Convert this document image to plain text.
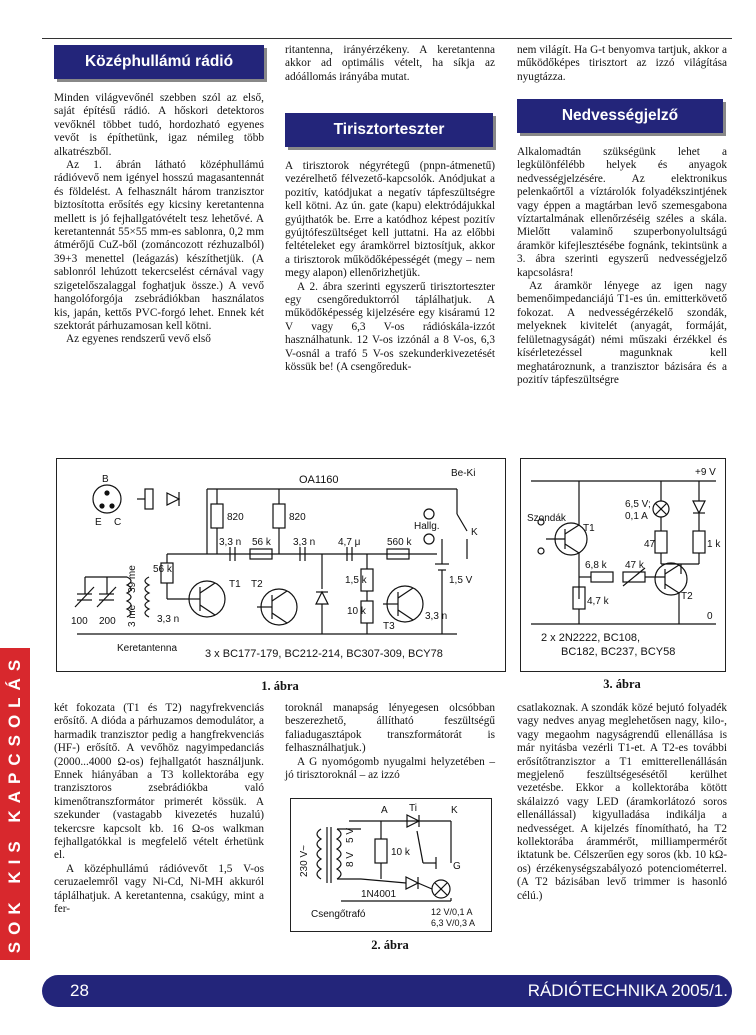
Középhullámú rádió

Minden világvevőnél szebben szól az első, saját építésű rádió. A hőskori detektoros vevőknél többet tudó, hordozható egyenes vevőt is építhetünk, igaz némileg több alkatrészből.

Az 1. ábrán látható középhullámú rádióvevő nem igényel hosszú magasantennát és földelést. A felhasznált három tranzisztor biztosította erősítés egy kicsiny keretantenna mellett is jó fejhallgatóvételt tesz lehetővé. A keretantennát 55×55 mm-es sablonra, 0,2 mm átmérőjű CuZ-ből (zománcozott rézhuzalból) 39+3 menettel (leágazás) készíthetjük. (A sablonról lehúzott tekercselést cérnával vagy szigetelőszalaggal foghatjuk össze.) A vevő hangolóforgója zsebrádiókban használatos kis, japán, kettős PVC-forgó lehet. Ennek két szektorát párhuzamosan kell kötni.

Az egyenes rendszerű vevő első

ritantenna, irányérzékeny. A keretantenna akkor ad optimális vételt, ha síkja az adóállomás irányába mutat.

Tirisztorteszter

A tirisztorok négyrétegű (pnpn-átmenetű) vezérelhető félvezető-kapcsolók. Anódjukat a pozitív, katódjukat a negatív tápfeszültségre kell kötni. Az ún. gate (kapu) elektródájukkal gyújthatók be. Erre a katódhoz képest pozitív gyújtófeszültséget kell juttatni. Ha az előbbi feltételeket egy áramkörrel biztosítjuk, akkor a tirisztorok működőképességét (megy – nem megy alapon) ellenőrizhetjük.

A 2. ábra szerinti egyszerű tirisztorteszter egy csengőreduktorról táplálhatjuk. A működőképesség kijelzésére egy kisáramú 12 V vagy 6,3 V-os rádióskála-izzót használhatunk. 12 V-os izzónál a 8 V-os, 6,3 V-osnál a trafó 5 V-os szekunderkivezetését kössük be! (A csengőreduk-

nem világít. Ha G-t benyomva tartjuk, akkor a működőképes tirisztort az izzó világítása nyugtázza.

Nedvességjelző

Alkalomadtán szükségünk lehet a legkülönfélébb helyek és anyagok nedvességjelzésére. Az elektronikus pelenkaőrtől a víztárolók folyadékszintjének vagy éppen a magtárban levő szemesgabona víztartalmának ellenőrzéséig széles a skála. Mielőtt valaminő szuperbonyolultságú áramkör kifejlesztésébe fognánk, tekintsünk a 3. ábra szerinti egyszerű nedvességjelző kapcsolásra!

Az áramkör lényege az igen nagy bemenőimpedanciájú T1-es ún. emitterkövető fokozat. A nedvességérzékelő szondák, melyeknek kivitelét (anyagát, formáját, felületnagyságát) némi műszaki érzékkel és kísérletezéssel magunknak kell meghatároznunk, a tranzisztor bázisára és a pozitív tápfeszültségre

OA1160
Be-Ki
B
E C	820	820
Hallg.
K
3,3 n 56 k 3,3 n 4,7 μ	560 k
56 k
1,5 k
10 k
T1 T2
T3
3,3 n	3,3 n
1,5 V
100 200
39 me
3 me
Keretantenna	3 x BC177-179, BC212-214, BC307-309, BCY78
1. ábra
+9 V
6,5 V;
0,1 A
Szondák
T1
47	1 k
6,8 k 47 k
4,7 k	T2
0
2 x 2N2222, BC108,
BC182, BC237, BCY58
3. ábra

két fokozata (T1 és T2) nagyfrekvenciás erősítő. A dióda a párhuzamos demodulátor, a harmadik tranzisztor pedig a hangfrekvenciás (HF-) erősítő. A vevőhöz nagyimpedanciás (2000...4000 Ω-os) fejhallgatót használjunk. Ennek hiányában a T3 kollektorába egy tranzisztoros zsebrádiókba való kimenőtranszformátor primerét kössük. A szekunder (vastagabb kivezetés huzalú) tekercsre kapcsolt kb. 16 Ω-os walkman fejhallgatókkal is megfelelő vételt érhetünk el.

A középhullámú rádióvevőt 1,5 V-os ceruzaelemről vagy Ni-Cd, Ni-MH akkuról táplálhatjuk. A keretantenna, csakúgy, mint a fer-

toroknál manapság lényegesen olcsóbban beszerezhető, állítható feszültségű faliadugasztápok transzformátorát is felhasználhatjuk.)

A G nyomógomb nyugalmi helyzetében – jó tirisztoroknál – az izzó

A Ti	K
230 V~	8 V
5 V
10 k
G
1N4001
Csengőtrafó	12 V/0,1 A
6,3 V/0,3 A
2. ábra

csatlakoznak. A szondák közé bejutó folyadék vagy nedves anyag meglehetősen nagy, kilo-, vagy megaohm nagyságrendű ellenállása is már nyitásba vezérli T1-et. A T2-es további erősítőtranzisztor a T1 emitterellenállásán megjelenő feszültségesésétől kerülhet vezetésbe. Ekkor a kollektorába kötött skálaizzó vagy LED (áramkorlátozó soros ellenállással) kigyulladása indikálja a nedvességet. A kijelzés fínomítható, ha T2 kollektorába árammérőt, milliampermérőt iktatunk be. Célszerűen egy soros (kb. 10 kΩ-os) érzékenységszabályozó potenciométerrel. (A T2 bázisában levő trimmer is hasonló célú.)

SOK KIS KAPCSOLÁS
28	RÁDIÓTECHNIKA 2005/1.
